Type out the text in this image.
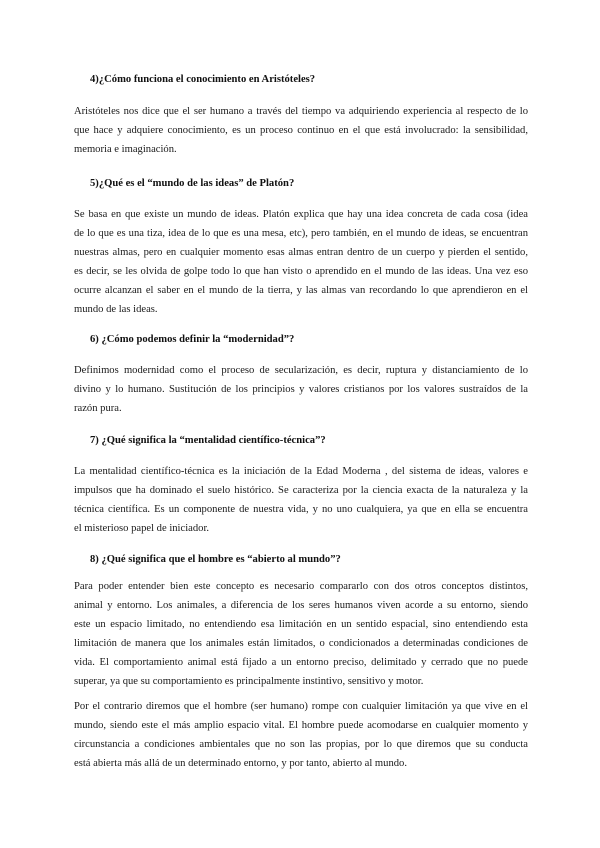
4)¿Cómo funciona el conocimiento en Aristóteles?
Aristóteles nos dice que el ser humano a través del tiempo va adquiriendo experiencia al respecto de lo
que hace y adquiere conocimiento, es un proceso continuo en el que está involucrado: la sensibilidad,
memoria e imaginación.
5)¿Qué es el “mundo de las ideas” de Platón?
Se basa en que existe un mundo de ideas. Platón explica que hay una idea concreta de cada cosa (idea
de lo que es una tiza, idea de lo que es una mesa, etc), pero también, en el mundo de ideas, se encuentran
nuestras almas, pero en cualquier momento esas almas entran dentro de un cuerpo y pierden el sentido,
es decir, se les olvida de golpe todo lo que han visto o aprendido en el mundo de las ideas. Una vez eso
ocurre alcanzan el saber en el mundo de la tierra, y las almas van recordando lo que aprendieron en el
mundo de las ideas.
6) ¿Cómo podemos definir la “modernidad”?
Definimos modernidad como el proceso de secularización, es decir, ruptura y distanciamiento de lo
divino y lo humano. Sustitución de los principios y valores cristianos por los valores sustraídos de la
razón pura.
7) ¿Qué significa la “mentalidad científico-técnica”?
La mentalidad científico-técnica es la iniciación de la Edad Moderna , del sistema de ideas, valores e
impulsos que ha dominado el suelo histórico. Se caracteriza por la ciencia exacta de la naturaleza y la
técnica científica. Es un componente de nuestra vida, y no uno cualquiera, ya que en ella se encuentra
el misterioso papel de iniciador.
8) ¿Qué significa que el hombre es “abierto al mundo”?
Para poder entender bien este concepto es necesario compararlo con dos otros conceptos distintos,
animal y entorno. Los animales, a diferencia de los seres humanos viven acorde a su entorno, siendo
este un espacio limitado, no entendiendo esa limitación en un sentido espacial, sino entendiendo esta
limitación de manera que los animales están limitados, o condicionados a determinadas condiciones de
vida. El comportamiento animal está fijado a un entorno preciso, delimitado y cerrado que no puede
superar, ya que su comportamiento es principalmente instintivo, sensitivo y motor.
Por el contrario diremos que el hombre (ser humano) rompe con cualquier limitación ya que vive en el
mundo, siendo este el más amplio espacio vital. El hombre puede acomodarse en cualquier momento y
circunstancia a condiciones ambientales que no son las propias, por lo que diremos que su conducta
está abierta más allá de un determinado entorno, y por tanto, abierto al mundo.
